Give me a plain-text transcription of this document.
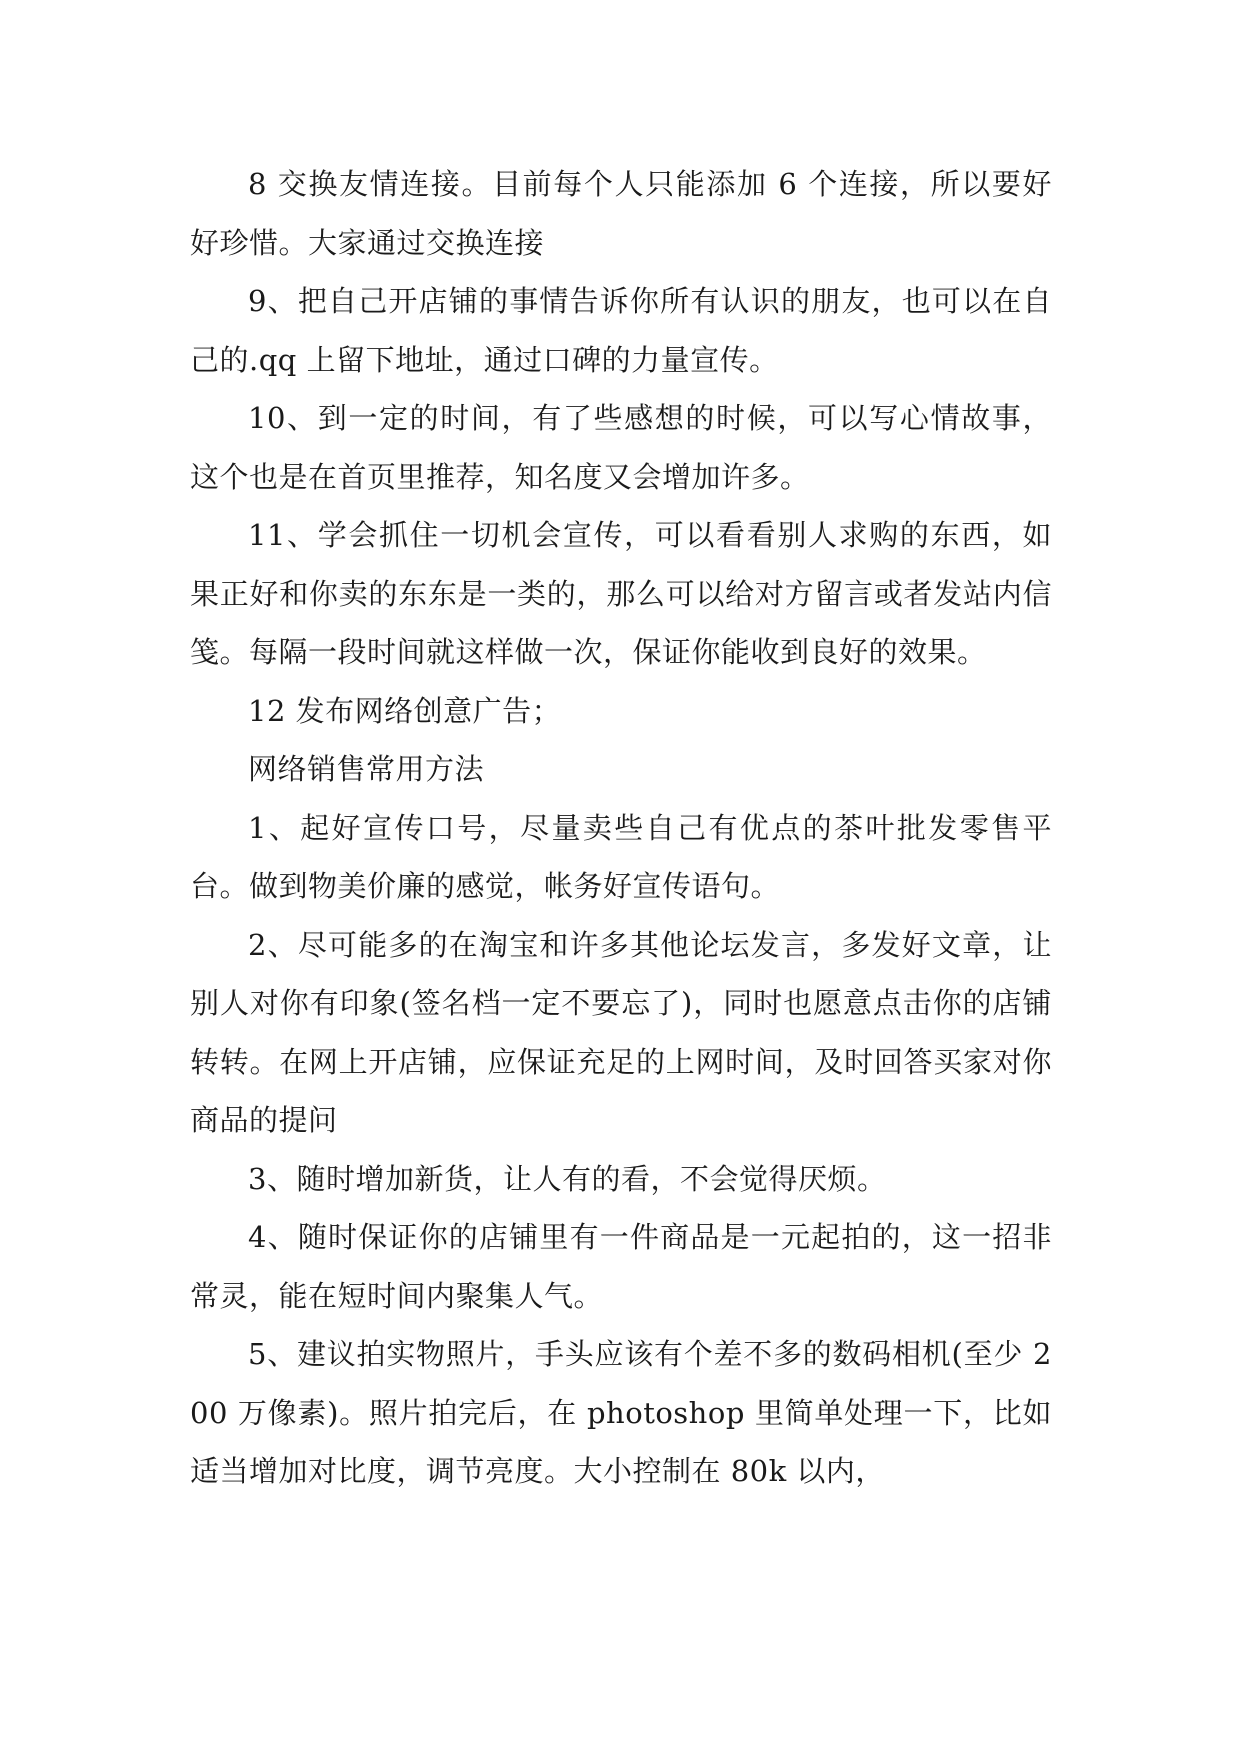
8 交换友情连接。目前每个人只能添加 6 个连接，所以要好好珍惜。大家通过交换连接

9、把自己开店铺的事情告诉你所有认识的朋友，也可以在自己的.qq 上留下地址，通过口碑的力量宣传。

10、到一定的时间，有了些感想的时候，可以写心情故事，这个也是在首页里推荐，知名度又会增加许多。

11、学会抓住一切机会宣传，可以看看别人求购的东西，如果正好和你卖的东东是一类的，那么可以给对方留言或者发站内信笺。每隔一段时间就这样做一次，保证你能收到良好的效果。

12 发布网络创意广告；

网络销售常用方法

1、起好宣传口号，尽量卖些自己有优点的茶叶批发零售平台。做到物美价廉的感觉，帐务好宣传语句。

2、尽可能多的在淘宝和许多其他论坛发言，多发好文章，让别人对你有印象(签名档一定不要忘了)，同时也愿意点击你的店铺转转。在网上开店铺，应保证充足的上网时间，及时回答买家对你商品的提问

3、随时增加新货，让人有的看，不会觉得厌烦。

4、随时保证你的店铺里有一件商品是一元起拍的，这一招非常灵，能在短时间内聚集人气。

5、建议拍实物照片，手头应该有个差不多的数码相机(至少 200 万像素)。照片拍完后，在 photoshop 里简单处理一下，比如适当增加对比度，调节亮度。大小控制在 80k 以内，
